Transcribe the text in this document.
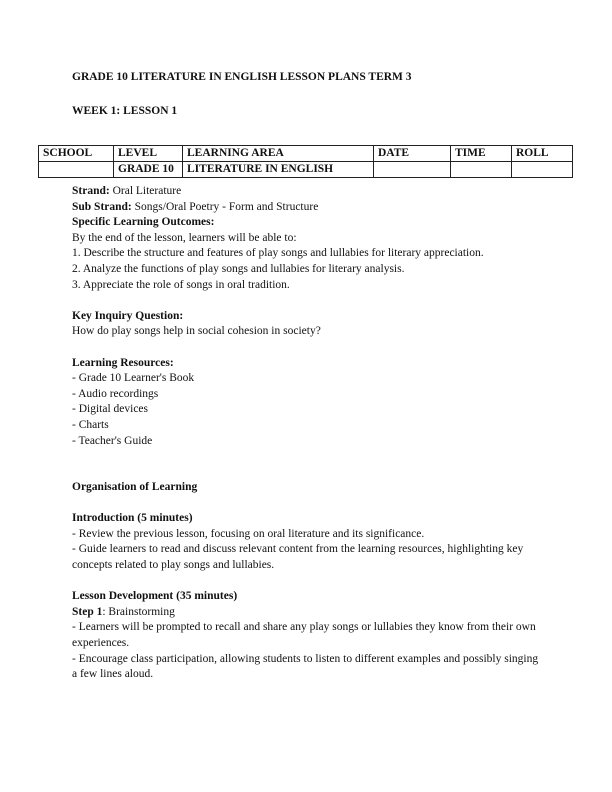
GRADE 10 LITERATURE IN ENGLISH LESSON PLANS TERM 3
WEEK 1: LESSON 1
SCHOOL	LEVEL	LEARNING AREA	DATE	TIME	ROLL
	GRADE 10	LITERATURE IN ENGLISH			
Strand: Oral Literature
Sub Strand: Songs/Oral Poetry - Form and Structure
Specific Learning Outcomes:
By the end of the lesson, learners will be able to:
1. Describe the structure and features of play songs and lullabies for literary appreciation.
2. Analyze the functions of play songs and lullabies for literary analysis.
3. Appreciate the role of songs in oral tradition.
Key Inquiry Question:
How do play songs help in social cohesion in society?
Learning Resources:
- Grade 10 Learner's Book
- Audio recordings
- Digital devices
- Charts
- Teacher's Guide
Organisation of Learning
Introduction (5 minutes)
- Review the previous lesson, focusing on oral literature and its significance.
- Guide learners to read and discuss relevant content from the learning resources, highlighting key concepts related to play songs and lullabies.
Lesson Development (35 minutes)
Step 1: Brainstorming
- Learners will be prompted to recall and share any play songs or lullabies they know from their own experiences.
- Encourage class participation, allowing students to listen to different examples and possibly singing a few lines aloud.
